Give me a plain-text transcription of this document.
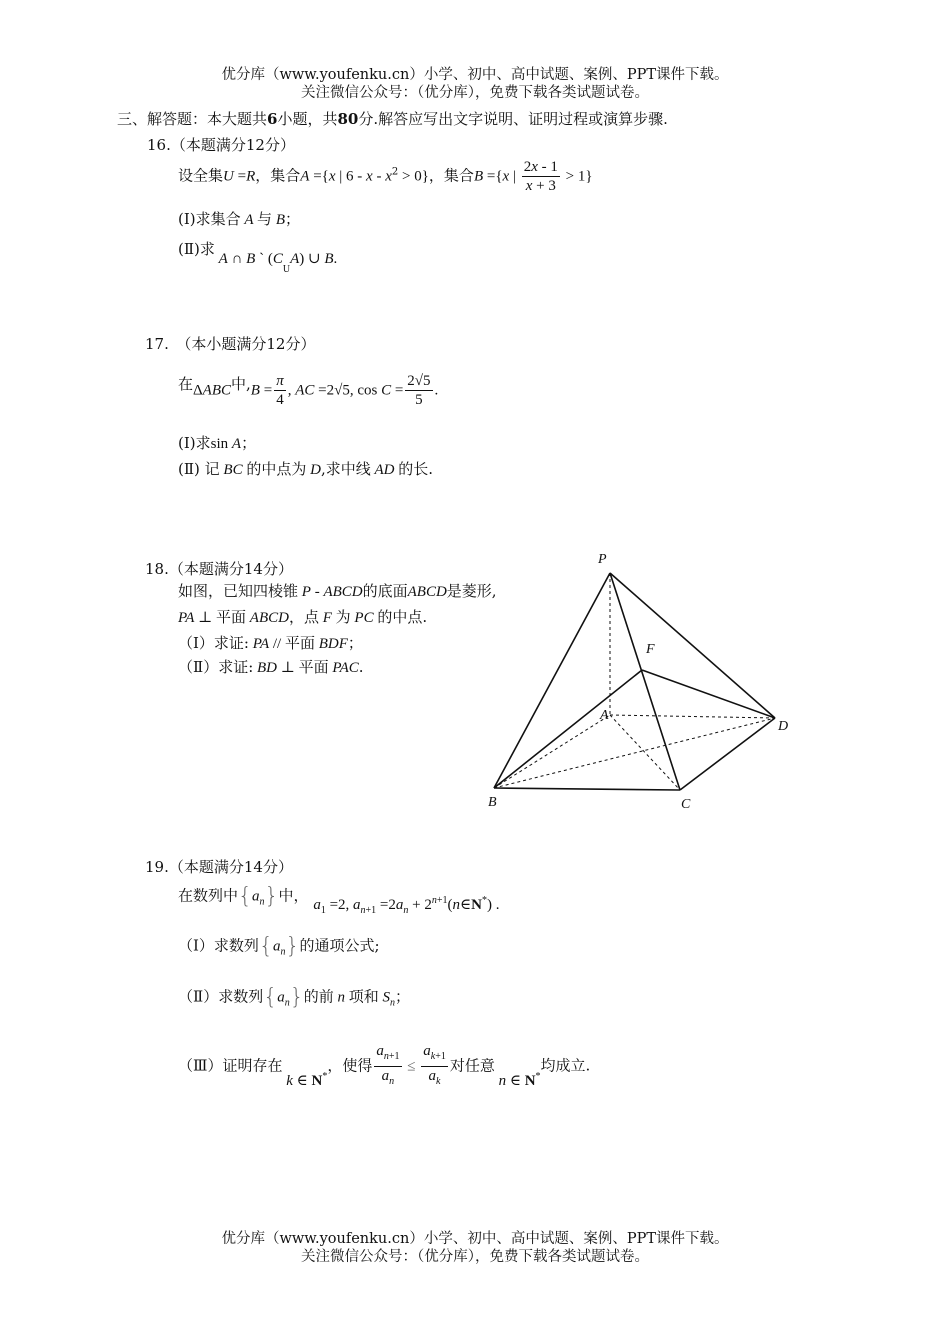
优分库（www.youfenku.cn）小学、初中、高中试题、案例、PPT课件下载。
关注微信公众号：（优分库），免费下载各类试题试卷。
三、解答题：本大题共6小题，共80分.解答应写出文字说明、证明过程或演算步骤.
16.（本题满分12分）
设全集U =R，集合A ={x | $6 - x - x^2 > 0$}，集合B ={x | $\frac{2x - 1}{x + 3} > 1$}
(I)求集合 A 与 B；
(Ⅱ)求 A ∩ B ` $(C_UA)$ ∪ B.
17.　（本小题满分12分）
在ΔABC中$,B = \frac{\pi}{4}$ , AC =2√5, $\cos C = \frac{2√5}{5}$ .
(I)求sin A；
(Ⅱ) 记 BC 的中点为 D,求中线 AD 的长.
18.（本题满分14分）
如图，已知四棱锥 P - ABCD的底面ABCD是菱形,
PA ⊥ 平面 ABCD，点 F 为 PC 的中点.
（Ⅰ）求证: PA // 平面 BDF；
（Ⅱ）求证: BD ⊥ 平面 PAC.
P
F
A
D
B	C
19.（本题满分14分）
在数列中$\{a_n\}$中， $a_1 =2$, $a_{n+1} =2a_n$ + $2^{n+1}(n\in N^*)$ .
（Ⅰ）求数列$\{a_n\}$的通项公式;
（Ⅱ）求数列$\{a_n\}$的前 n 项和 $S_n$；
（Ⅲ）证明存在 k ∈ N*，使得 $\frac{a_{n+1}}{a_n} \le \frac{a_{k+1}}{a_k}$ 对任意 n ∈ N*均成立.
优分库（www.youfenku.cn）小学、初中、高中试题、案例、PPT课件下载。
关注微信公众号：（优分库），免费下载各类试题试卷。
